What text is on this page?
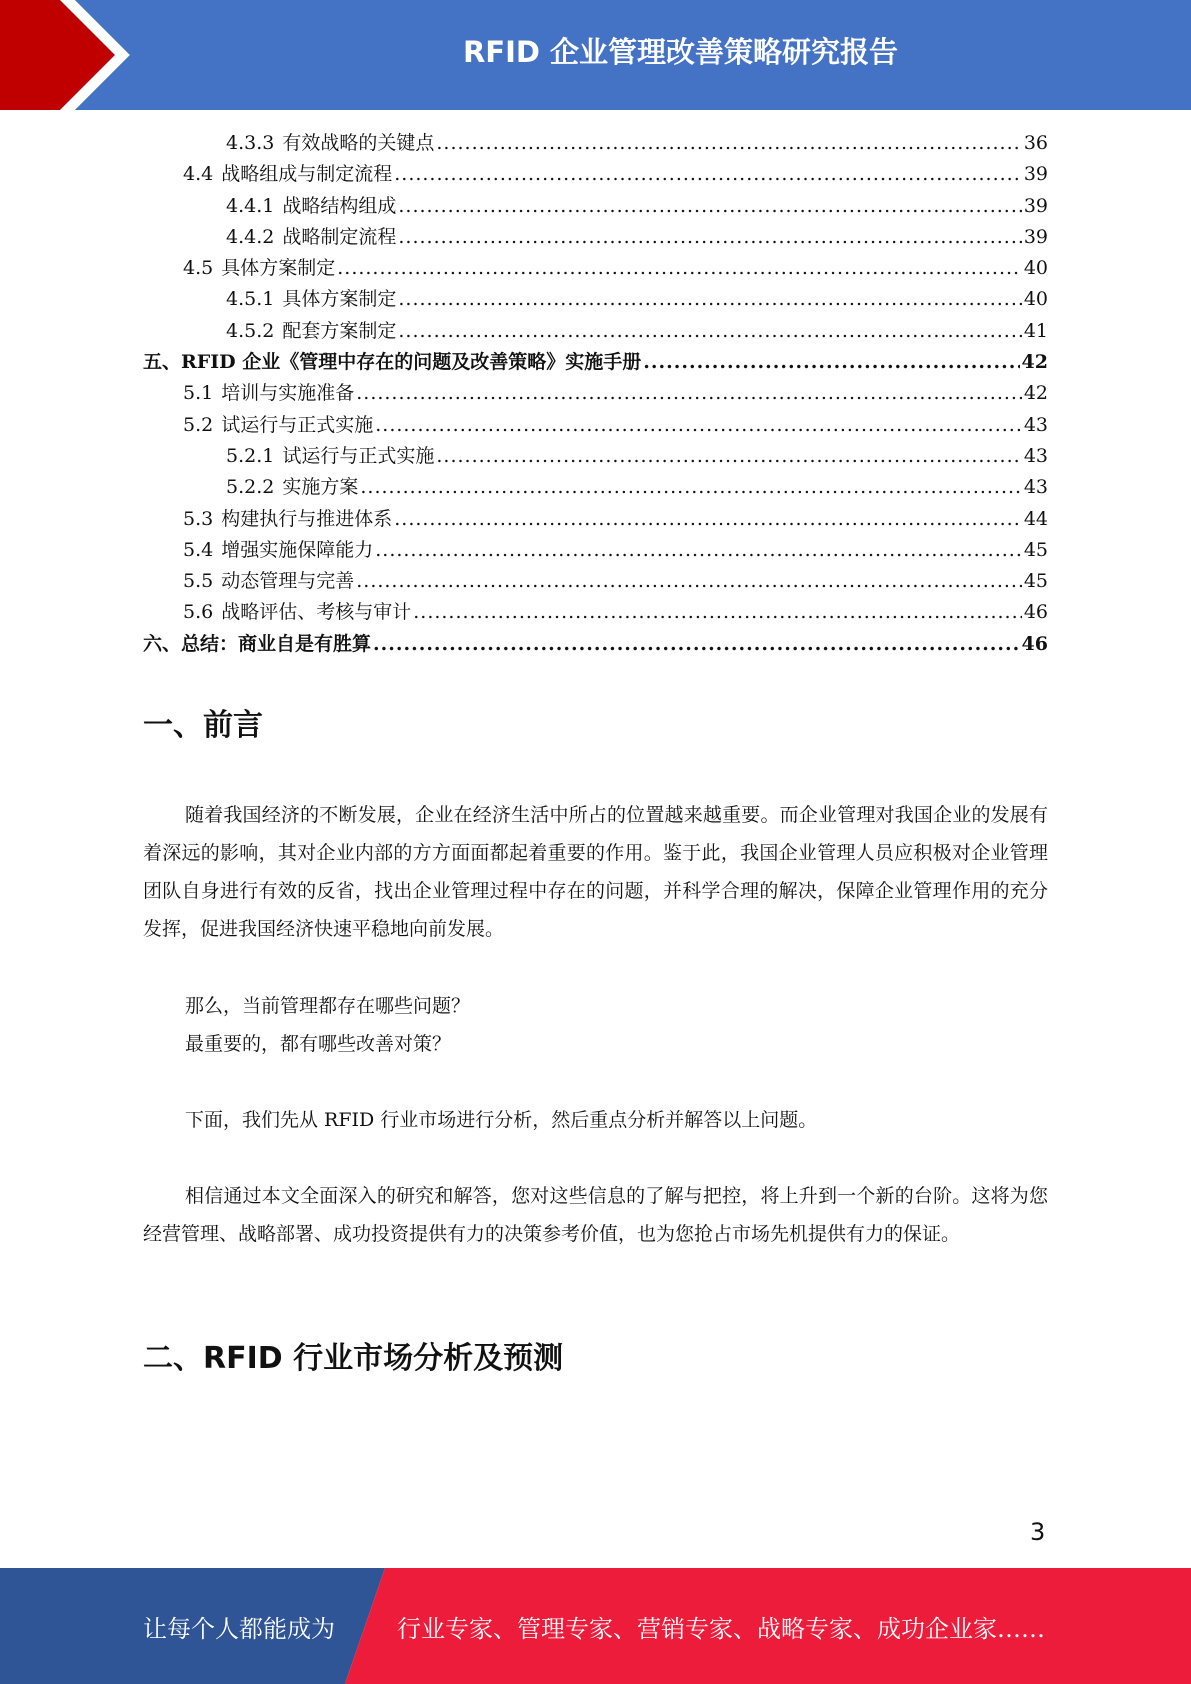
RFID 企业管理改善策略研究报告
4.3.3 有效战略的关键点 .....	36
4.4 战略组成与制定流程 .....	39
4.4.1 战略结构组成 .....	39
4.4.2 战略制定流程 .....	39
4.5 具体方案制定 .....	40
4.5.1 具体方案制定 .....	40
4.5.2 配套方案制定 .....	41
五、RFID 企业《管理中存在的问题及改善策略》实施手册 .....	42
5.1 培训与实施准备 .....	42
5.2 试运行与正式实施 .....	43
5.2.1 试运行与正式实施 .....	43
5.2.2 实施方案 .....	43
5.3 构建执行与推进体系 .....	44
5.4 增强实施保障能力 .....	45
5.5 动态管理与完善 .....	45
5.6 战略评估、考核与审计 .....	46
六、总结：商业自是有胜算 .....	46
一、前言

随着我国经济的不断发展，企业在经济生活中所占的位置越来越重要。而企业管理对我国企业的发展有着深远的影响，其对企业内部的方方面面都起着重要的作用。鉴于此，我国企业管理人员应积极对企业管理团队自身进行有效的反省，找出企业管理过程中存在的问题，并科学合理的解决，保障企业管理作用的充分发挥，促进我国经济快速平稳地向前发展。

那么，当前管理都存在哪些问题？

最重要的，都有哪些改善对策？

下面，我们先从 RFID 行业市场进行分析，然后重点分析并解答以上问题。

相信通过本文全面深入的研究和解答，您对这些信息的了解与把控，将上升到一个新的台阶。这将为您经营管理、战略部署、成功投资提供有力的决策参考价值，也为您抢占市场先机提供有力的保证。

二、RFID 行业市场分析及预测
3
让每个人都能成为	行业专家、管理专家、营销专家、战略专家、成功企业家……
